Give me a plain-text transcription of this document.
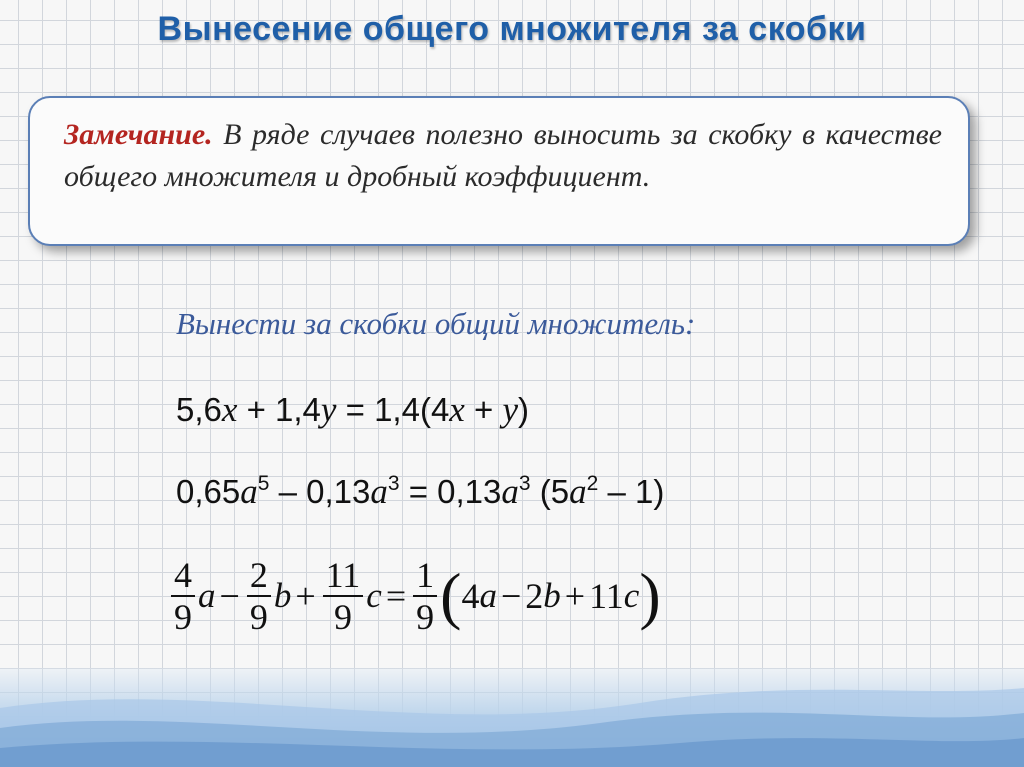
Вынесение общего множителя за скобки
Замечание. В ряде случаев полезно выносить за скобку в качестве общего множителя и дробный коэффициент.
Вынести за скобки общий множитель:
5,6x + 1,4y = 1,4(4x + y)
$0,65a^5 - 0,13a^3 = 0,13a^3$ $(5a^2 - 1)$
$\frac{4}{9}$ $a - \frac{2}{9}$ $b + \frac{11}{9}$ $c = \frac{1}{9}$ ( 4 a − 2 b + 11 c )
